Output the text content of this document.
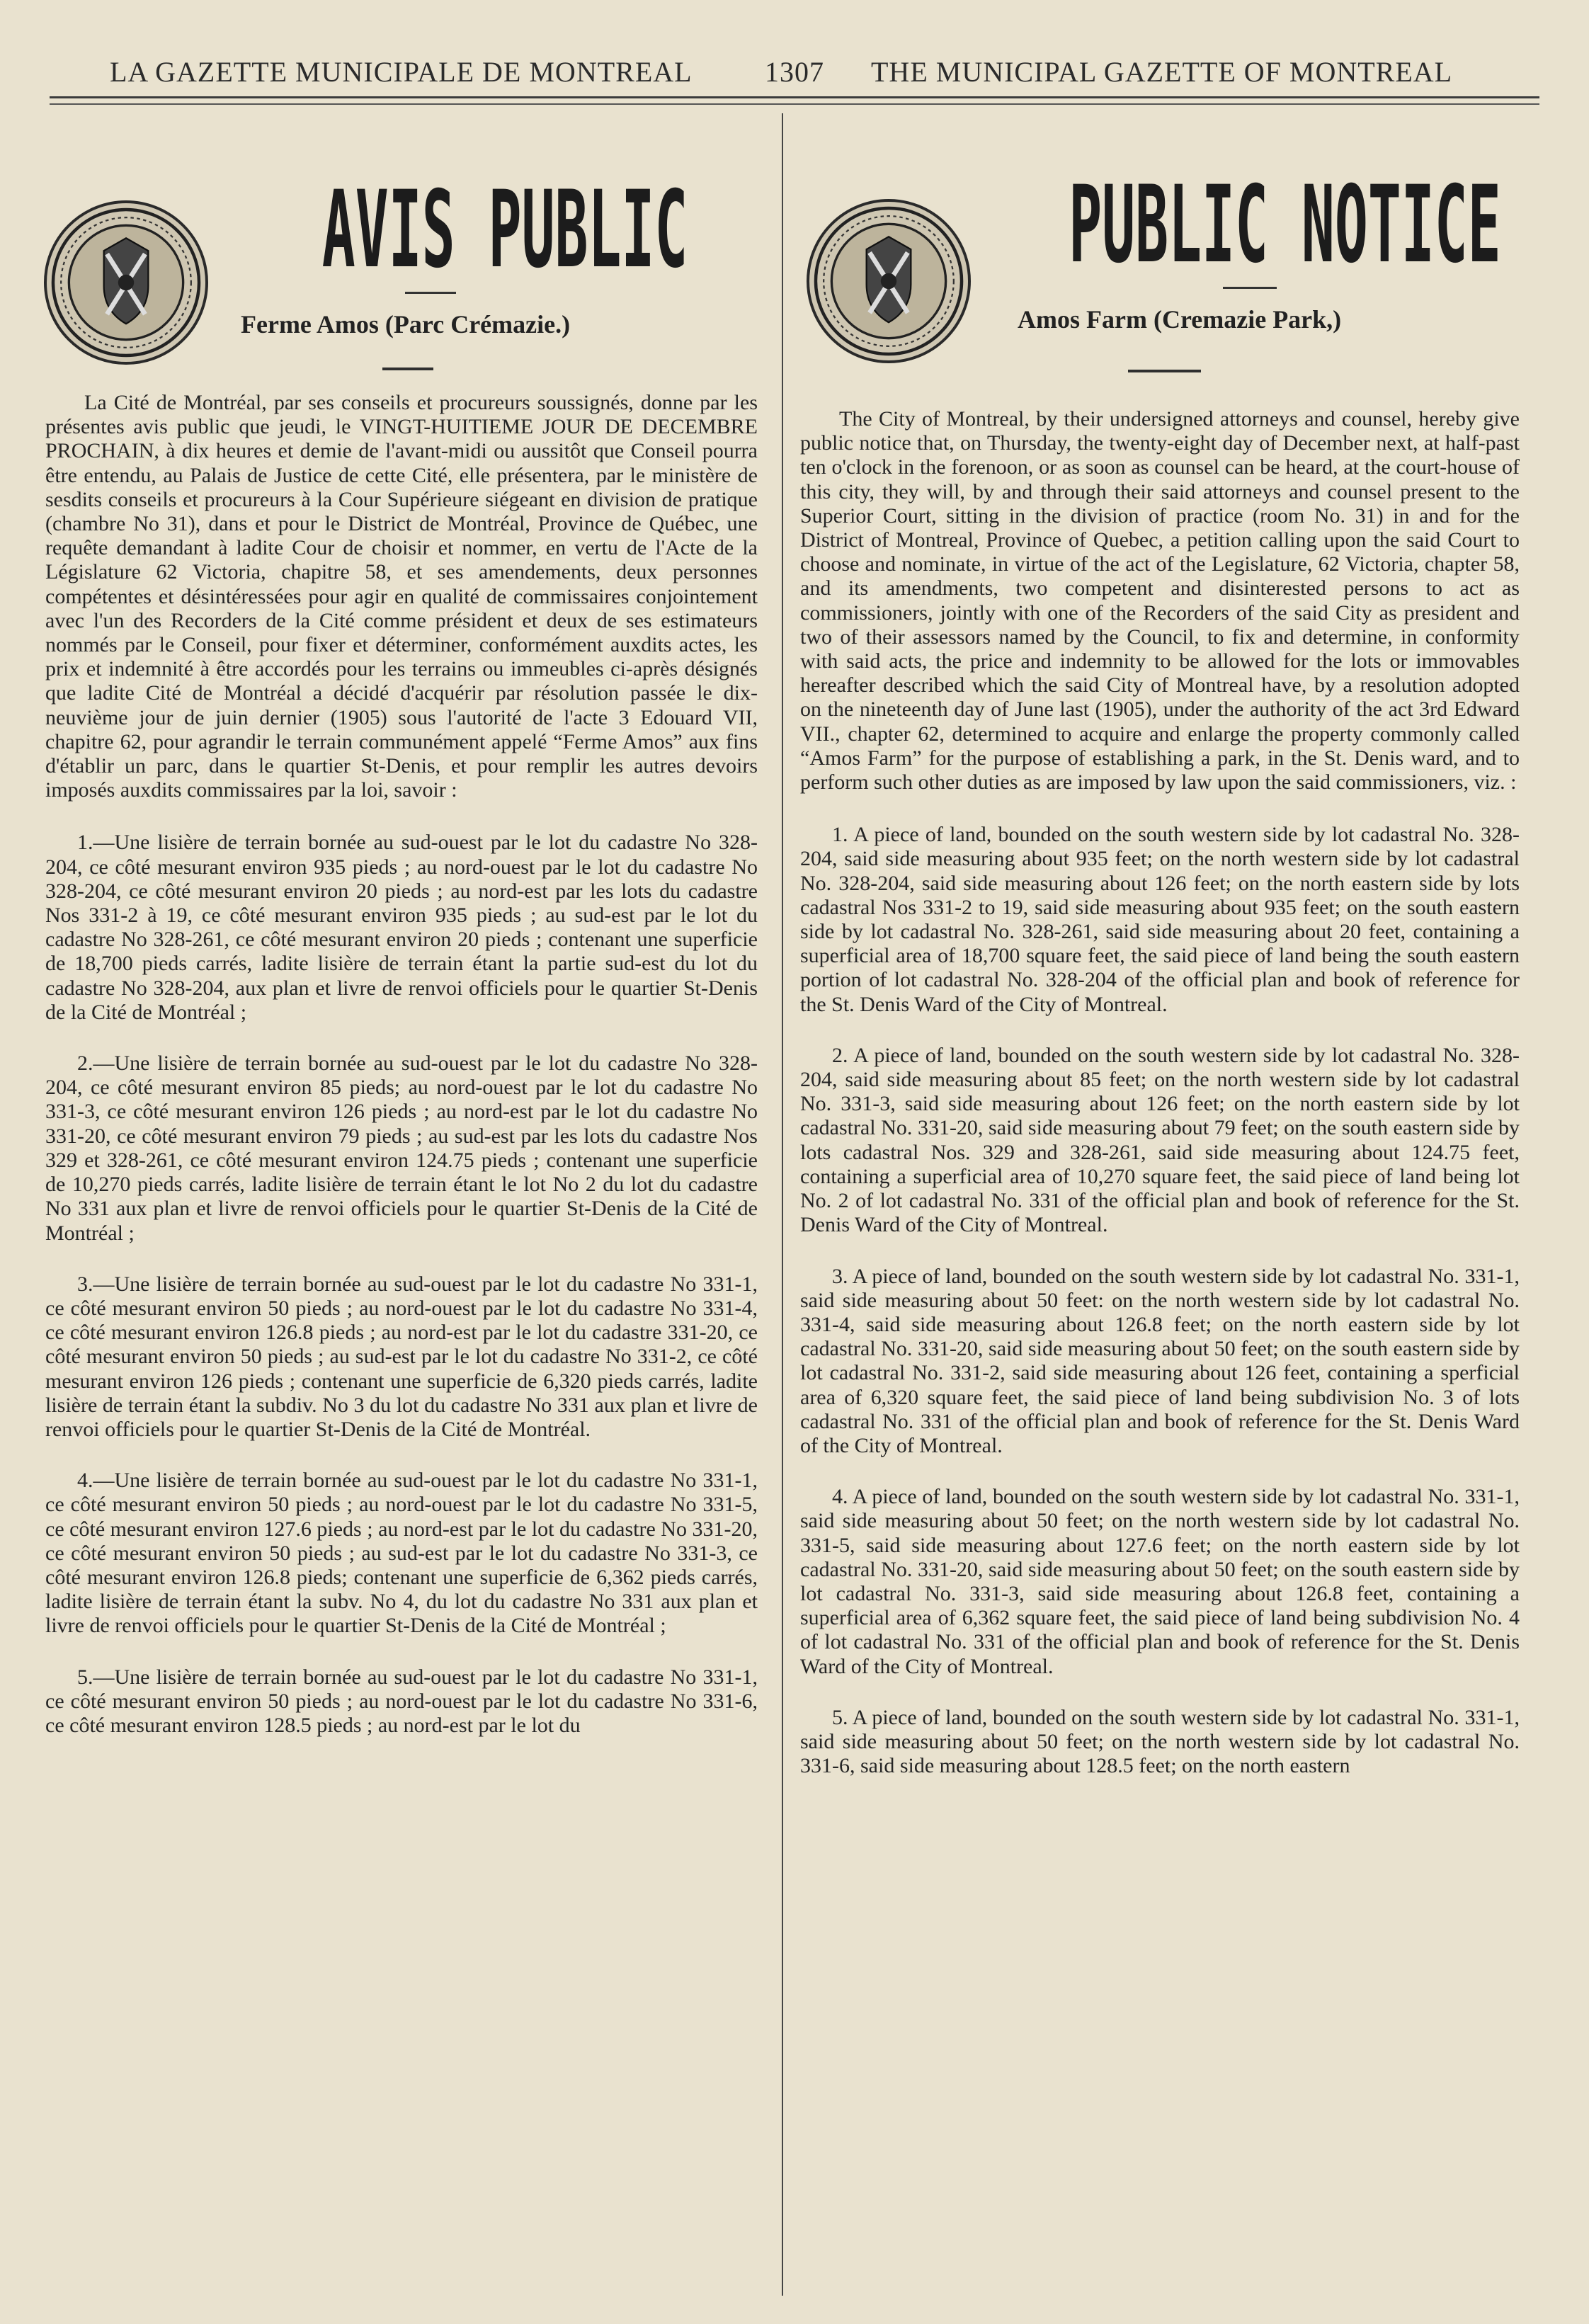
LA GAZETTE MUNICIPALE DE MONTREAL	1307 THE MUNICIPAL GAZETTE OF MONTREAL
AVIS PUBLIC
Ferme Amos (Parc Crémazie.)

La Cité de Montréal, par ses conseils et procureurs soussignés, donne par les présentes avis public que jeudi, le VINGT-HUITIEME JOUR DE DECEMBRE PROCHAIN, à dix heures et demie de l'avant-midi ou aussitôt que Conseil pourra être entendu, au Palais de Justice de cette Cité, elle présentera, par le ministère de sesdits conseils et procureurs à la Cour Supérieure siégeant en division de pratique (chambre No 31), dans et pour le District de Montréal, Province de Québec, une requête demandant à ladite Cour de choisir et nommer, en vertu de l'Acte de la Législature 62 Victoria, chapitre 58, et ses amendements, deux personnes compétentes et désintéressées pour agir en qualité de commissaires conjointement avec l'un des Recorders de la Cité comme président et deux de ses estimateurs nommés par le Conseil, pour fixer et déterminer, conformément auxdits actes, les prix et indemnité à être accordés pour les terrains ou immeubles ci-après désignés que ladite Cité de Montréal a décidé d'acquérir par résolution passée le dix-neuvième jour de juin dernier (1905) sous l'autorité de l'acte 3 Edouard VII, chapitre 62, pour agrandir le terrain communément appelé “Ferme Amos” aux fins d'établir un parc, dans le quartier St-Denis, et pour remplir les autres devoirs imposés auxdits commissaires par la loi, savoir :

1.—Une lisière de terrain bornée au sud-ouest par le lot du cadastre No 328-204, ce côté mesurant environ 935 pieds ; au nord-ouest par le lot du cadastre No 328-204, ce côté mesurant environ 20 pieds ; au nord-est par les lots du cadastre Nos 331-2 à 19, ce côté mesurant environ 935 pieds ; au sud-est par le lot du cadastre No 328-261, ce côté mesurant environ 20 pieds ; contenant une superficie de 18,700 pieds carrés, ladite lisière de terrain étant la partie sud-est du lot du cadastre No 328-204, aux plan et livre de renvoi officiels pour le quartier St-Denis de la Cité de Montréal ;

2.—Une lisière de terrain bornée au sud-ouest par le lot du cadastre No 328-204, ce côté mesurant environ 85 pieds; au nord-ouest par le lot du cadastre No 331-3, ce côté mesurant environ 126 pieds ; au nord-est par le lot du cadastre No 331-20, ce côté mesurant environ 79 pieds ; au sud-est par les lots du cadastre Nos 329 et 328-261, ce côté mesurant environ 124.75 pieds ; contenant une superficie de 10,270 pieds carrés, ladite lisière de terrain étant le lot No 2 du lot du cadastre No 331 aux plan et livre de renvoi officiels pour le quartier St-Denis de la Cité de Montréal ;

3.—Une lisière de terrain bornée au sud-ouest par le lot du cadastre No 331-1, ce côté mesurant environ 50 pieds ; au nord-ouest par le lot du cadastre No 331-4, ce côté mesurant environ 126.8 pieds ; au nord-est par le lot du cadastre 331-20, ce côté mesurant environ 50 pieds ; au sud-est par le lot du cadastre No 331-2, ce côté mesurant environ 126 pieds ; contenant une superficie de 6,320 pieds carrés, ladite lisière de terrain étant la subdiv. No 3 du lot du cadastre No 331 aux plan et livre de renvoi officiels pour le quartier St-Denis de la Cité de Montréal.

4.—Une lisière de terrain bornée au sud-ouest par le lot du cadastre No 331-1, ce côté mesurant environ 50 pieds ; au nord-ouest par le lot du cadastre No 331-5, ce côté mesurant environ 127.6 pieds ; au nord-est par le lot du cadastre No 331-20, ce côté mesurant environ 50 pieds ; au sud-est par le lot du cadastre No 331-3, ce côté mesurant environ 126.8 pieds; contenant une superficie de 6,362 pieds carrés, ladite lisière de terrain étant la subv. No 4, du lot du cadastre No 331 aux plan et livre de renvoi officiels pour le quartier St-Denis de la Cité de Montréal ;

5.—Une lisière de terrain bornée au sud-ouest par le lot du cadastre No 331-1, ce côté mesurant environ 50 pieds ; au nord-ouest par le lot du cadastre No 331-6, ce côté mesurant environ 128.5 pieds ; au nord-est par le lot du

PUBLIC NOTICE
Amos Farm (Cremazie Park,)

The City of Montreal, by their undersigned attorneys and counsel, hereby give public notice that, on Thursday, the twenty-eight day of December next, at half-past ten o'clock in the forenoon, or as soon as counsel can be heard, at the court-house of this city, they will, by and through their said attorneys and counsel present to the Superior Court, sitting in the division of practice (room No. 31) in and for the District of Montreal, Province of Quebec, a petition calling upon the said Court to choose and nominate, in virtue of the act of the Legislature, 62 Victoria, chapter 58, and its amendments, two competent and disinterested persons to act as commissioners, jointly with one of the Recorders of the said City as president and two of their assessors named by the Council, to fix and determine, in conformity with said acts, the price and indemnity to be allowed for the lots or immovables hereafter described which the said City of Montreal have, by a resolution adopted on the nineteenth day of June last (1905), under the authority of the act 3rd Edward VII., chapter 62, determined to acquire and enlarge the property commonly called “Amos Farm” for the purpose of establishing a park, in the St. Denis ward, and to perform such other duties as are imposed by law upon the said commissioners, viz. :

1. A piece of land, bounded on the south western side by lot cadastral No. 328-204, said side measuring about 935 feet; on the north western side by lot cadastral No. 328-204, said side measuring about 126 feet; on the north eastern side by lots cadastral Nos 331-2 to 19, said side measuring about 935 feet; on the south eastern side by lot cadastral No. 328-261, said side measuring about 20 feet, containing a superficial area of 18,700 square feet, the said piece of land being the south eastern portion of lot cadastral No. 328-204 of the official plan and book of reference for the St. Denis Ward of the City of Montreal.

2. A piece of land, bounded on the south western side by lot cadastral No. 328-204, said side measuring about 85 feet; on the north western side by lot cadastral No. 331-3, said side measuring about 126 feet; on the north eastern side by lot cadastral No. 331-20, said side measuring about 79 feet; on the south eastern side by lots cadastral Nos. 329 and 328-261, said side measuring about 124.75 feet, containing a superficial area of 10,270 square feet, the said piece of land being lot No. 2 of lot cadastral No. 331 of the official plan and book of reference for the St. Denis Ward of the City of Montreal.

3. A piece of land, bounded on the south western side by lot cadastral No. 331-1, said side measuring about 50 feet: on the north western side by lot cadastral No. 331-4, said side measuring about 126.8 feet; on the north eastern side by lot cadastral No. 331-20, said side measuring about 50 feet; on the south eastern side by lot cadastral No. 331-2, said side measuring about 126 feet, containing a sperficial area of 6,320 square feet, the said piece of land being subdivision No. 3 of lots cadastral No. 331 of the official plan and book of reference for the St. Denis Ward of the City of Montreal.

4. A piece of land, bounded on the south western side by lot cadastral No. 331-1, said side measuring about 50 feet; on the north western side by lot cadastral No. 331-5, said side measuring about 127.6 feet; on the north eastern side by lot cadastral No. 331-20, said side measuring about 50 feet; on the south eastern side by lot cadastral No. 331-3, said side measuring about 126.8 feet, containing a superficial area of 6,362 square feet, the said piece of land being subdivision No. 4 of lot cadastral No. 331 of the official plan and book of reference for the St. Denis Ward of the City of Montreal.

5. A piece of land, bounded on the south western side by lot cadastral No. 331-1, said side measuring about 50 feet; on the north western side by lot cadastral No. 331-6, said side measuring about 128.5 feet; on the north eastern
